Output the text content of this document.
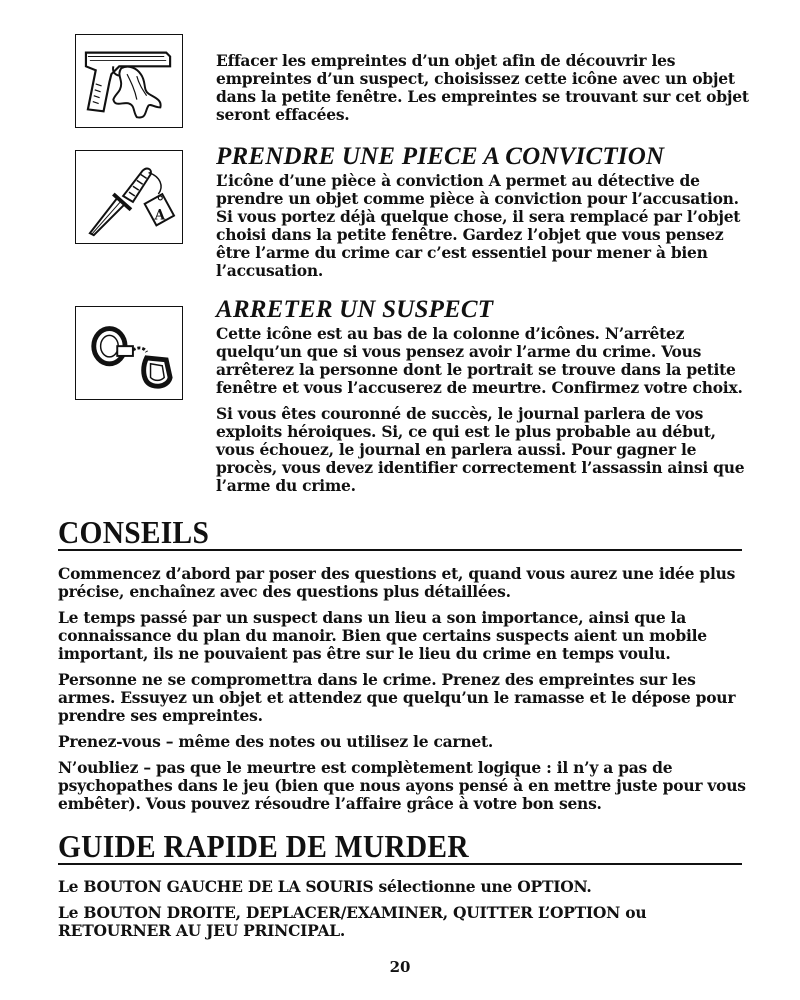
A

Effacer les empreintes d’un objet afin de découvrir les empreintes d’un suspect, choisissez cette icône avec un objet dans la petite fenêtre. Les empreintes se trouvant sur cet objet seront effacées.

PRENDRE UNE PIECE A CONVICTION

L’icône d’une pièce à conviction A permet au détective de prendre un objet comme pièce à conviction pour l’accusation. Si vous portez déjà quelque chose, il sera remplacé par l’objet choisi dans la petite fenêtre. Gardez l’objet que vous pensez être l’arme du crime car c’est essentiel pour mener à bien l’accusation.

ARRETER UN SUSPECT

Cette icône est au bas de la colonne d’icônes. N’arrêtez quelqu’un que si vous pensez avoir l’arme du crime. Vous arrêterez la personne dont le portrait se trouve dans la petite fenêtre et vous l’accuserez de meurtre. Confirmez votre choix.

Si vous êtes couronné de succès, le journal parlera de vos exploits héroiques. Si, ce qui est le plus probable au début, vous échouez, le journal en parlera aussi. Pour gagner le procès, vous devez identifier correctement l’assassin ainsi que l’arme du crime.

CONSEILS

Commencez d’abord par poser des questions et, quand vous aurez une idée plus précise, enchaînez avec des questions plus détaillées.

Le temps passé par un suspect dans un lieu a son importance, ainsi que la connaissance du plan du manoir. Bien que certains suspects aient un mobile important, ils ne pouvaient pas être sur le lieu du crime en temps voulu.

Personne ne se compromettra dans le crime. Prenez des empreintes sur les armes. Essuyez un objet et attendez que quelqu’un le ramasse et le dépose pour prendre ses empreintes.

Prenez-vous – même des notes ou utilisez le carnet.

N’oubliez – pas que le meurtre est complètement logique : il n’y a pas de psychopathes dans le jeu (bien que nous ayons pensé à en mettre juste pour vous embêter). Vous pouvez résoudre l’affaire grâce à votre bon sens.

GUIDE RAPIDE DE MURDER

Le BOUTON GAUCHE DE LA SOURIS sélectionne une OPTION.

Le BOUTON DROITE, DEPLACER/EXAMINER, QUITTER L’OPTION ou RETOURNER AU JEU PRINCIPAL.

20
